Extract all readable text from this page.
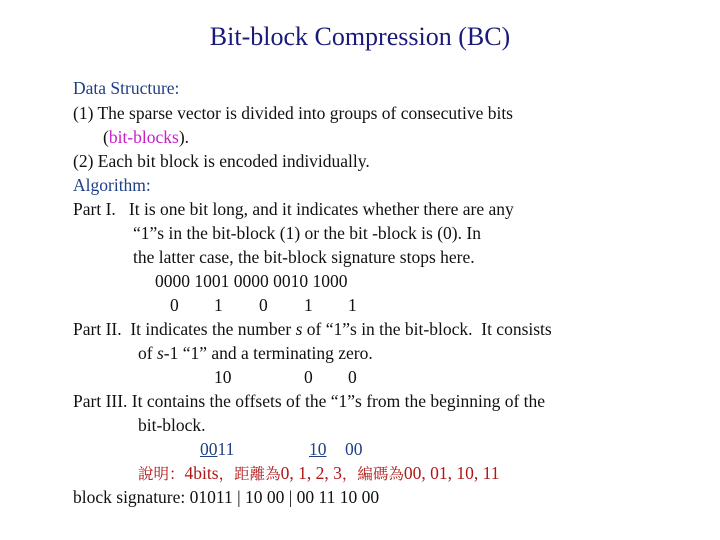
Bit-block Compression (BC)
Data Structure:
(1) The sparse vector is divided into groups of consecutive bits
(bit-blocks).
(2) Each bit block is encoded individually.
Algorithm:
Part I.   It is one bit long, and it indicates whether there are any
“1”s in the bit-block (1) or the bit -block is (0). In
the latter case, the bit-block signature stops here.
0000 1001 0000 0010 1000
0 1 0 1 1
Part II.  It indicates the number s of “1”s in the bit-block.  It consists
of s-1 “1” and a terminating zero.
10	0 0
Part III. It contains the offsets of the “1”s from the beginning of the
bit-block.
0011	10 00
說明：4bits，距離為0, 1, 2, 3，編碼為00, 01, 10, 11
block signature: 01011 | 10 00 | 00 11 10 00
